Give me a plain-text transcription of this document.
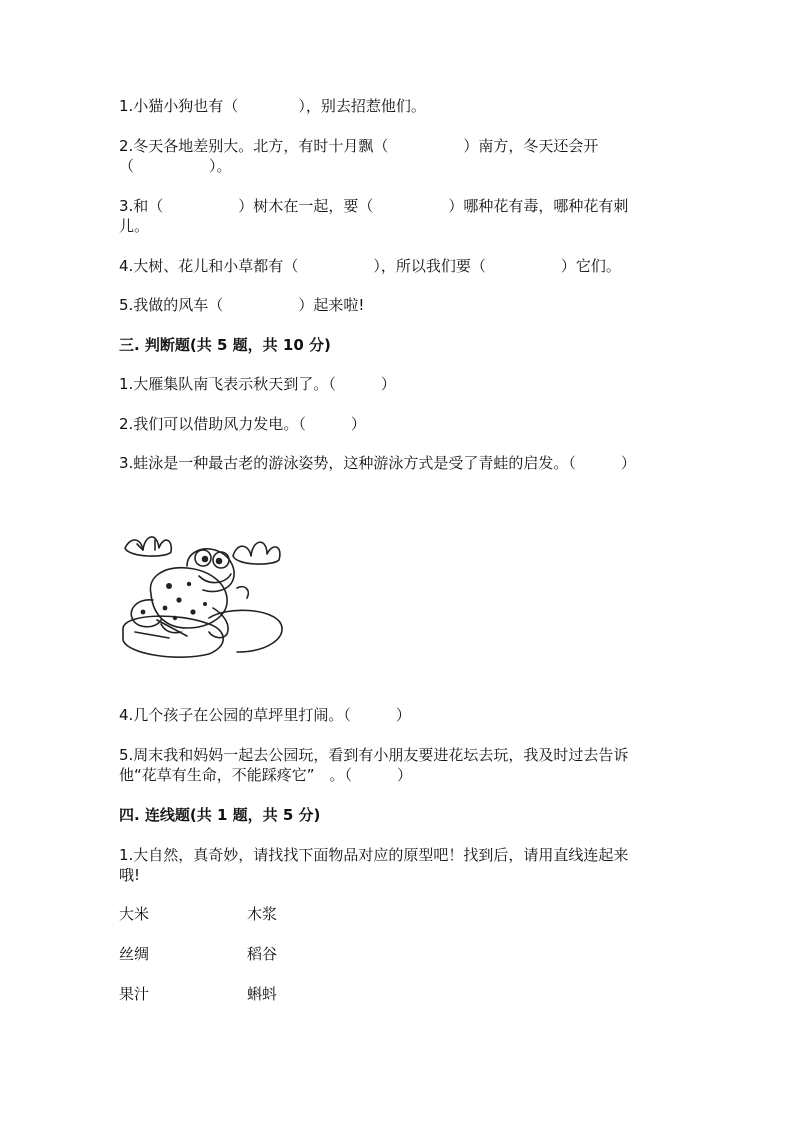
1.小猫小狗也有（　　　　），别去招惹他们。
2.冬天各地差别大。北方，有时十月飘（　　　　　）南方，冬天还会开
（　　　　　）。
3.和（　　　　　）树木在一起，要（　　　　　）哪种花有毒，哪种花有刺
儿。
4.大树、花儿和小草都有（　　　　　），所以我们要（　　　　　）它们。
5.我做的风车（　　　　　）起来啦!
三. 判断题(共 5 题，共 10 分)
1.大雁集队南飞表示秋天到了。（　　　）
2.我们可以借助风力发电。（　　　）
3.蛙泳是一种最古老的游泳姿势，这种游泳方式是受了青蛙的启发。（　　　）
4.几个孩子在公园的草坪里打闹。（　　　）
5.周末我和妈妈一起去公园玩，看到有小朋友要进花坛去玩，我及时过去告诉
他“花草有生命，不能踩疼它”　。（　　　）
四. 连线题(共 1 题，共 5 分)
1.大自然，真奇妙，请找找下面物品对应的原型吧！找到后，请用直线连起来
哦!
大米	木浆
丝绸	稻谷
果汁	蝌蚪
